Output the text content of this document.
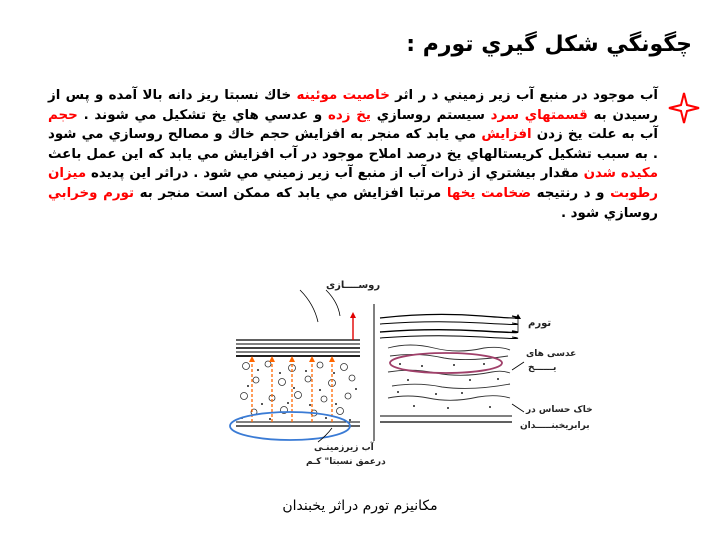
چگونگي شكل گيري تورم :

آب موجود در منبع آب زير زميني د ر اثر خاصيت موئينه خاك نسبتا ريز دانه بالا آمده و پس از رسيدن به قسمتهاي سرد سيستم روسازي يخ زده و عدسي هاي يخ تشكيل مي شوند . حجم آب به علت يخ زدن افزايش مي يابد كه منجر به افزايش حجم خاك و مصالح روسازي مي شود . به سبب تشكيل كريستالهاي يخ درصد املاح موجود در آب افزايش مي يابد كه اين عمل باعث مكيده شدن مقدار بيشتري از ذرات آب از منبع آب زير زميني مي شود . دراثر اين پديده ميزان رطوبت و د رنتيجه ضخامت يخها مرتبا افزايش مي يابد كه ممكن است منجر به تورم وخرابي روسازي شود .

روســــازی
تورم
عدسی های
یــــــخ
خاک حساس در
برابریخبنـــــدان
آب زیرزمینـی
درعمق نسبتا" کـم
مكانيزم تورم دراثر يخبندان
